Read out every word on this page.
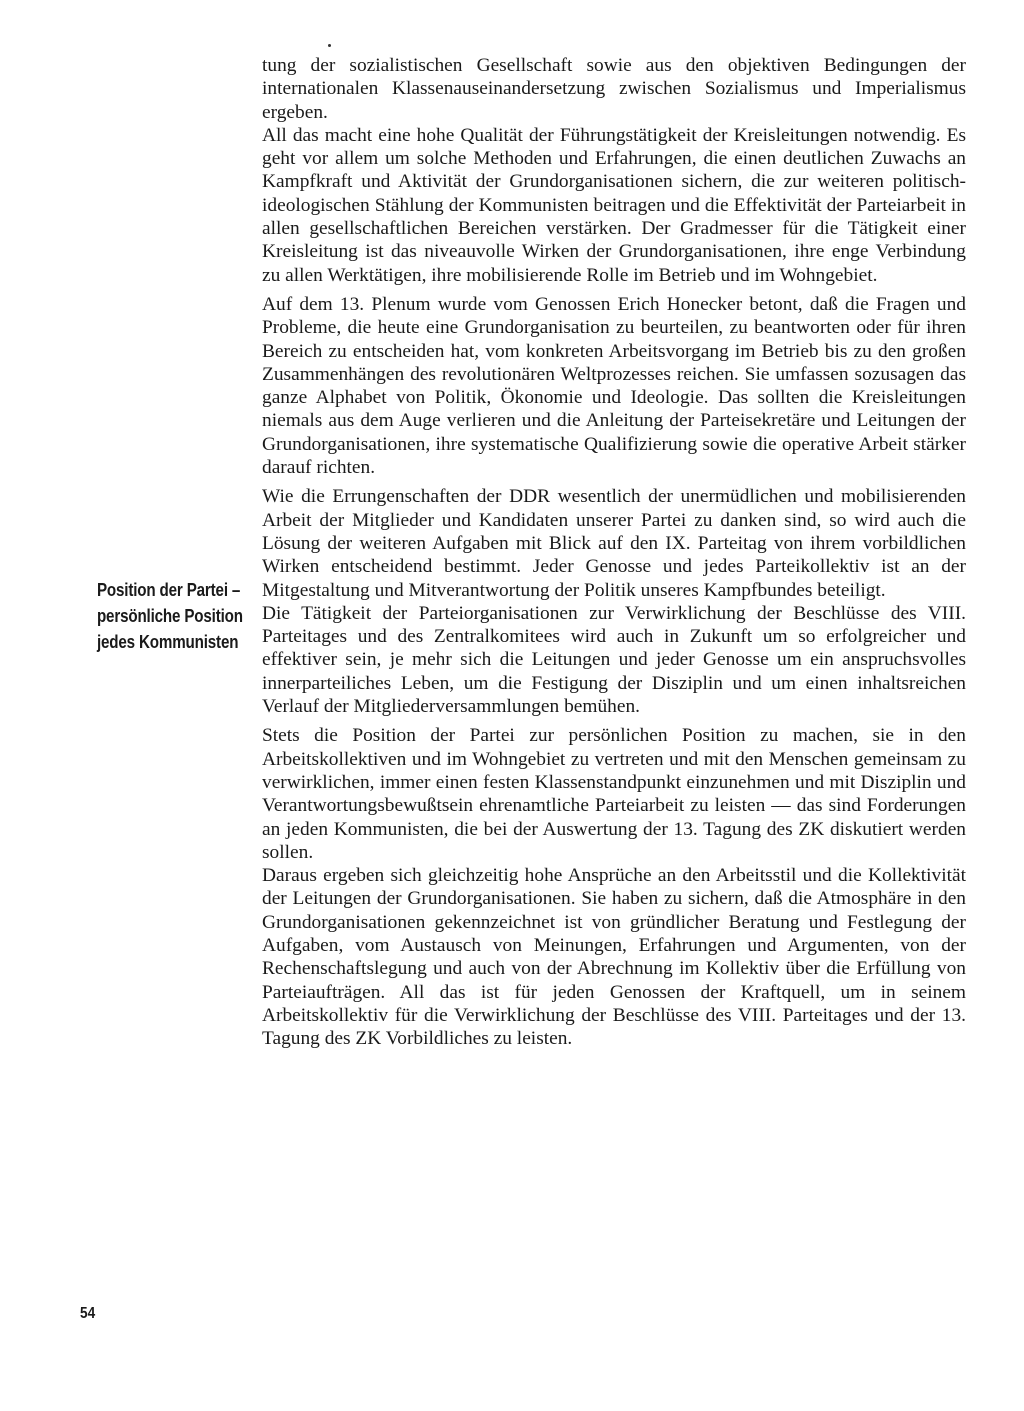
Position der Partei –
persönliche Position
jedes Kommunisten

tung der sozialistischen Gesellschaft sowie aus den objektiven Bedingungen der internationalen Klassenauseinandersetzung zwischen Sozialismus und Imperialismus ergeben.

All das macht eine hohe Qualität der Führungstätigkeit der Kreisleitungen notwendig. Es geht vor allem um solche Methoden und Erfahrungen, die einen deutlichen Zuwachs an Kampfkraft und Aktivität der Grundorganisationen sichern, die zur weiteren politisch-ideologischen Stählung der Kommunisten beitragen und die Effektivität der Parteiarbeit in allen gesellschaftlichen Bereichen verstärken. Der Gradmesser für die Tätigkeit einer Kreisleitung ist das niveauvolle Wirken der Grundorganisationen, ihre enge Verbindung zu allen Werktätigen, ihre mobilisierende Rolle im Betrieb und im Wohngebiet.

Auf dem 13. Plenum wurde vom Genossen Erich Honecker betont, daß die Fragen und Probleme, die heute eine Grundorganisation zu beurteilen, zu beantworten oder für ihren Bereich zu entscheiden hat, vom konkreten Arbeitsvorgang im Betrieb bis zu den großen Zusammenhängen des revolutionären Weltprozesses reichen. Sie umfassen sozusagen das ganze Alphabet von Politik, Ökonomie und Ideologie. Das sollten die Kreisleitungen niemals aus dem Auge verlieren und die Anleitung der Parteisekretäre und Leitungen der Grundorganisationen, ihre systematische Qualifizierung sowie die operative Arbeit stärker darauf richten.

Wie die Errungenschaften der DDR wesentlich der unermüdlichen und mobilisierenden Arbeit der Mitglieder und Kandidaten unserer Partei zu danken sind, so wird auch die Lösung der weiteren Aufgaben mit Blick auf den IX. Parteitag von ihrem vorbildlichen Wirken entscheidend bestimmt. Jeder Genosse und jedes Parteikollektiv ist an der Mitgestaltung und Mitverantwortung der Politik unseres Kampfbundes beteiligt.

Die Tätigkeit der Parteiorganisationen zur Verwirklichung der Beschlüsse des VIII. Parteitages und des Zentralkomitees wird auch in Zukunft um so erfolgreicher und effektiver sein, je mehr sich die Leitungen und jeder Genosse um ein anspruchsvolles innerparteiliches Leben, um die Festigung der Disziplin und um einen inhaltsreichen Verlauf der Mitgliederversammlungen bemühen.

Stets die Position der Partei zur persönlichen Position zu machen, sie in den Arbeitskollektiven und im Wohngebiet zu vertreten und mit den Menschen gemeinsam zu verwirklichen, immer einen festen Klassenstandpunkt einzunehmen und mit Disziplin und Verantwortungsbewußtsein ehrenamtliche Parteiarbeit zu leisten — das sind Forderungen an jeden Kommunisten, die bei der Auswertung der 13. Tagung des ZK diskutiert werden sollen.

Daraus ergeben sich gleichzeitig hohe Ansprüche an den Arbeitsstil und die Kollektivität der Leitungen der Grundorganisationen. Sie haben zu sichern, daß die Atmosphäre in den Grundorganisationen gekennzeichnet ist von gründlicher Beratung und Festlegung der Aufgaben, vom Austausch von Meinungen, Erfahrungen und Argumenten, von der Rechenschaftslegung und auch von der Abrechnung im Kollektiv über die Erfüllung von Parteiaufträgen. All das ist für jeden Genossen der Kraftquell, um in seinem Arbeitskollektiv für die Verwirklichung der Beschlüsse des VIII. Parteitages und der 13. Tagung des ZK Vorbildliches zu leisten.

54
